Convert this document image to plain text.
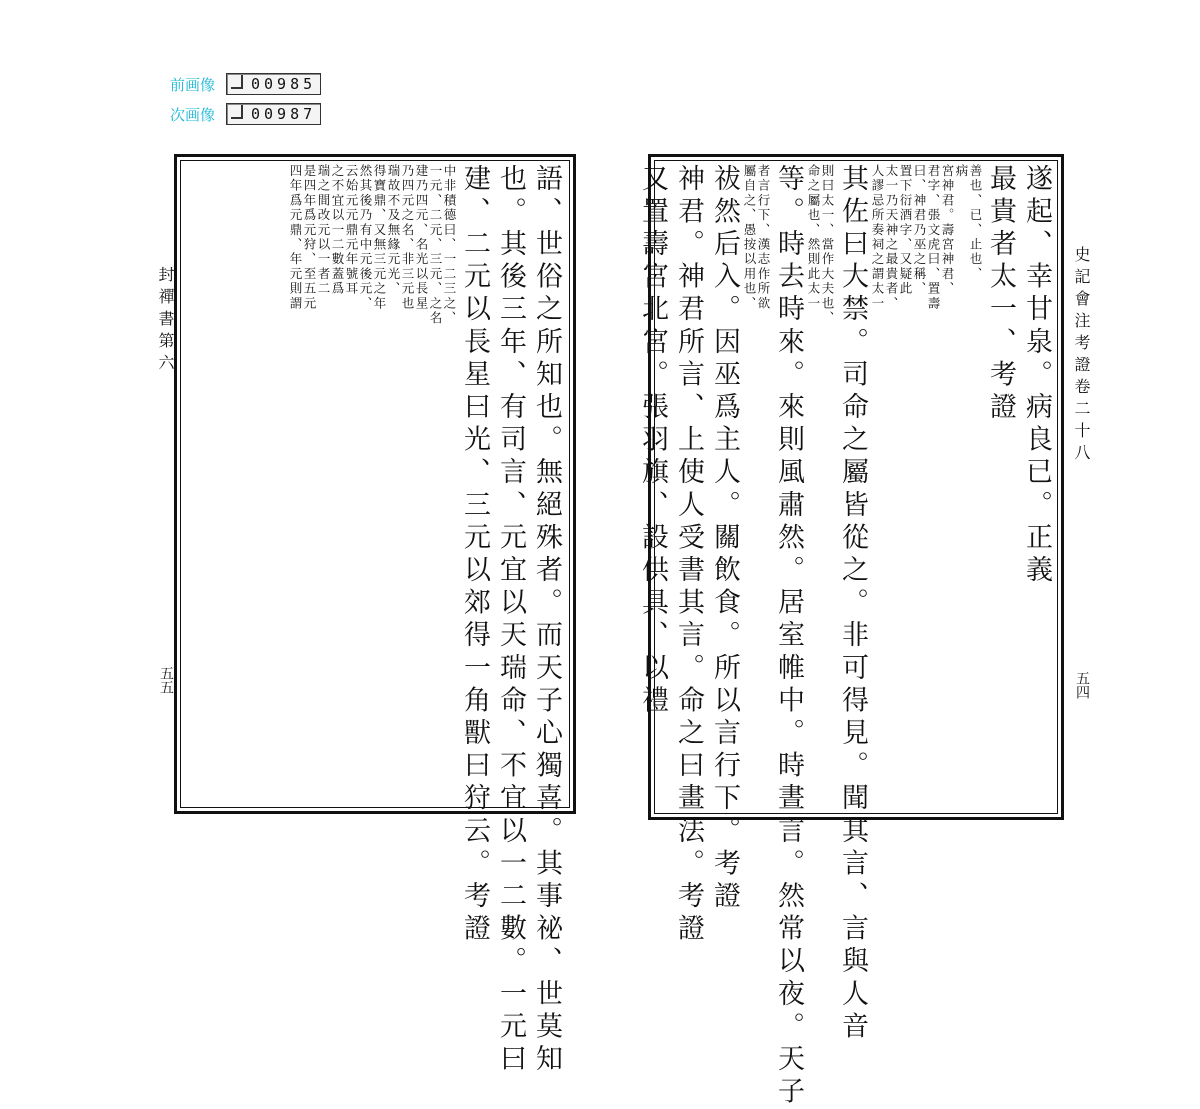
前画像	00985
次画像	00987
封禪書第六
五五	語、世俗之所知也。無絕殊者。而天子心獨喜。其事祕、世莫知
也。其後三年、有司言、元宜以天瑞命、不宜以一二數。一元曰
建、二元以長星曰光、三元以郊得一角獸曰狩云。考證
中非積德曰、一二三之、
一元、二元、三元、之名
建乃四元、名光以長星
乃四元之名、非三元也
瑞故不及無緣元光、
得寶鼎、又無三元之年
然其後乃有中元後元、
云始元元鼎元年號耳
之不宜以一二數蓋爲
瑞之間改元以一者二
是四年爲元狩、至五元
四年爲元鼎、年元則謂
史記會注考證卷二十八
五四
遂起、幸甘泉。病良已。正義
最貴者太一、考證
善也、已、止也、
病
宮神君。壽宮神君、
君字、張文虎曰、置壽
曰、神君乃巫之稱、
置下衍酒字、又疑此
太一乃天神之最貴者、
人謬忌所奏祠之謂太一
其佐曰大禁。司命之屬皆從之。非可得見。聞其言、言與人音
則曰太一、當作大夫也、
命之屬也、然則此太一
等。時去時來。來則風肅然。居室帷中。時晝言。然常以夜。天子
者言行下、漢志作所欲
屬自之、愚按以用也、
祓然后入。因巫爲主人。關飲食。所以言行下。考證
神君。神君所言、上使人受書其言。命之曰畫法。考證
又置壽宮北宮。張羽旗、設供具、以禮
